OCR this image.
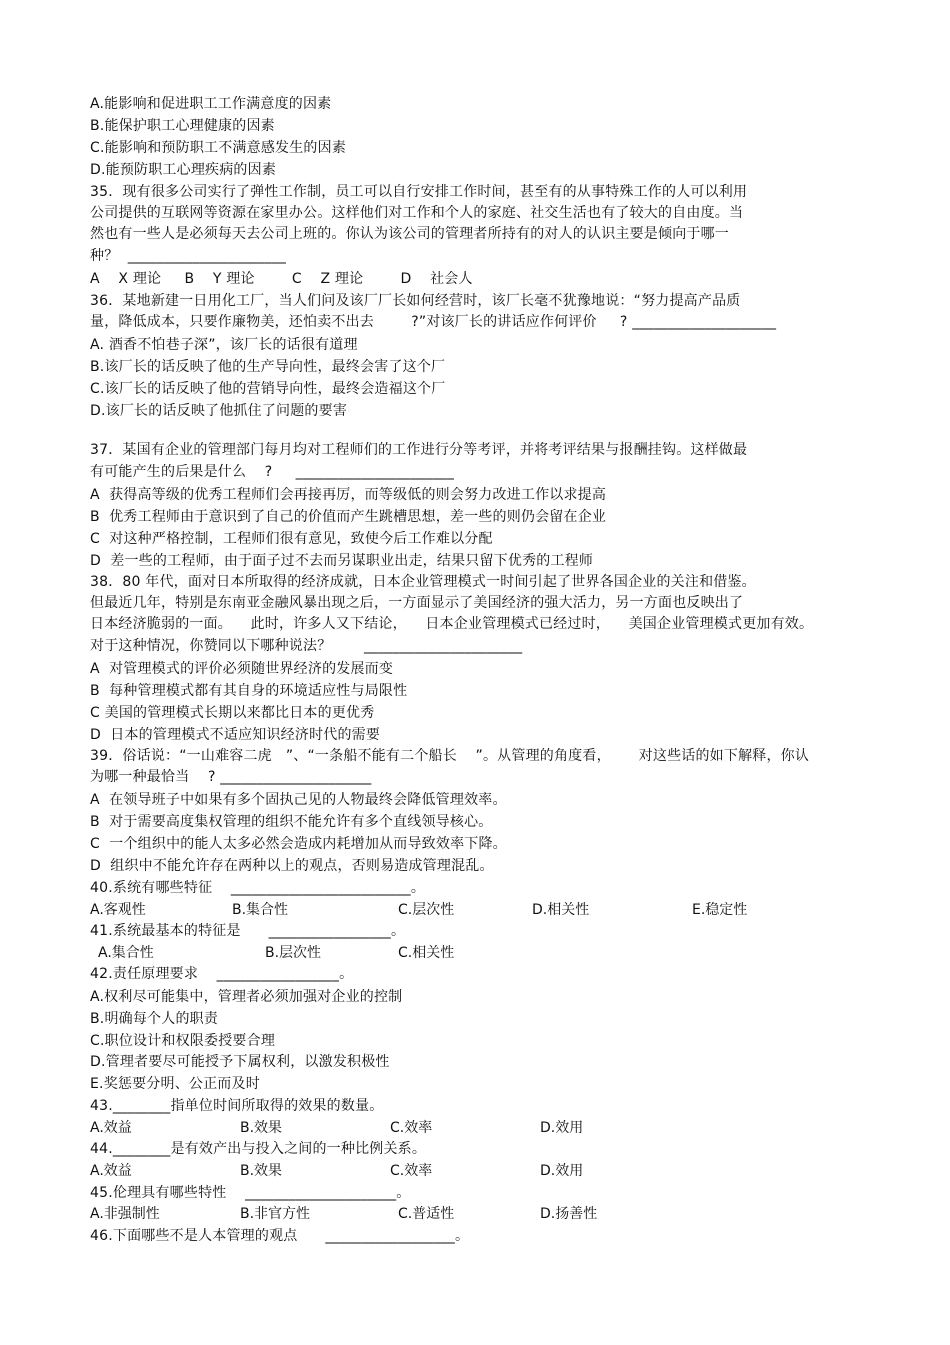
A.能影响和促进职工工作满意度的因素
B.能保护职工心理健康的因素
C.能影响和预防职工不满意感发生的因素
D.能预防职工心理疾病的因素
35．现有很多公司实行了弹性工作制，员工可以自行安排工作时间，甚至有的从事特殊工作的人可以利用
公司提供的互联网等资源在家里办公。这样他们对工作和个人的家庭、社交生活也有了较大的自由度。当
然也有一些人是必须每天去公司上班的。你认为该公司的管理者所持有的对人的认识主要是倾向于哪一
种？  ______________________
A    X 理论     B    Y 理论        C    Z 理论        D    社会人
36．某地新建一日用化工厂，当人们问及该厂厂长如何经营时，该厂长毫不犹豫地说：“努力提高产品质
量，降低成本，只要作廉物美，还怕卖不出去        ?”对该厂长的讲话应作何评价     ? ____________________
A. 酒香不怕巷子深”，该厂长的话很有道理
B.该厂长的话反映了他的生产导向性，最终会害了这个厂
C.该厂长的话反映了他的营销导向性，最终会造福这个厂
D.该厂长的话反映了他抓住了问题的要害
37．某国有企业的管理部门每月均对工程师们的工作进行分等考评，并将考评结果与报酬挂钩。这样做最
有可能产生的后果是什么    ?     ______________________
A  获得高等级的优秀工程师们会再接再厉，而等级低的则会努力改进工作以求提高
B  优秀工程师由于意识到了自己的价值而产生跳槽思想，差一些的则仍会留在企业
C  对这种严格控制，工程师们很有意见，致使今后工作难以分配
D  差一些的工程师，由于面子过不去而另谋职业出走，结果只留下优秀的工程师
38．80 年代，面对日本所取得的经济成就，日本企业管理模式一时间引起了世界各国企业的关注和借鉴。
但最近几年，特别是东南亚金融风暴出现之后，一方面显示了美国经济的强大活力，另一方面也反映出了
日本经济脆弱的一面。    此时，许多人又下结论，    日本企业管理模式已经过时，    美国企业管理模式更加有效。
对于这种情况，你赞同以下哪种说法？       ______________________
A  对管理模式的评价必须随世界经济的发展而变
B  每种管理模式都有其自身的环境适应性与局限性
C 美国的管理模式长期以来都比日本的更优秀
D  日本的管理模式不适应知识经济时代的需要
39．俗话说：“一山难容二虎   ”、“一条船不能有二个船长    ”。从管理的角度看，      对这些话的如下解释，你认
为哪一种最恰当    ? _____________________
A  在领导班子中如果有多个固执己见的人物最终会降低管理效率。
B  对于需要高度集权管理的组织不能允许有多个直线领导核心。
C  一个组织中的能人太多必然会造成内耗增加从而导致效率下降。
D  组织中不能允许存在两种以上的观点，否则易造成管理混乱。
40.系统有哪些特征    _________________________。
A.客观性	B.集合性	C.层次性	D.相关性	E.稳定性
41.系统最基本的特征是      _________________。
A.集合性	B.层次性	C.相关性
42.责任原理要求    _________________。
A.权利尽可能集中，管理者必须加强对企业的控制
B.明确每个人的职责
C.职位设计和权限委授要合理
D.管理者要尽可能授予下属权利，以激发积极性
E.奖惩要分明、公正而及时
43.________指单位时间所取得的效果的数量。
A.效益	B.效果	C.效率	D.效用
44.________是有效产出与投入之间的一种比例关系。
A.效益	B.效果	C.效率	D.效用
45.伦理具有哪些特性    _____________________。
A.非强制性	B.非官方性	C.普适性	D.扬善性
46.下面哪些不是人本管理的观点      __________________。
